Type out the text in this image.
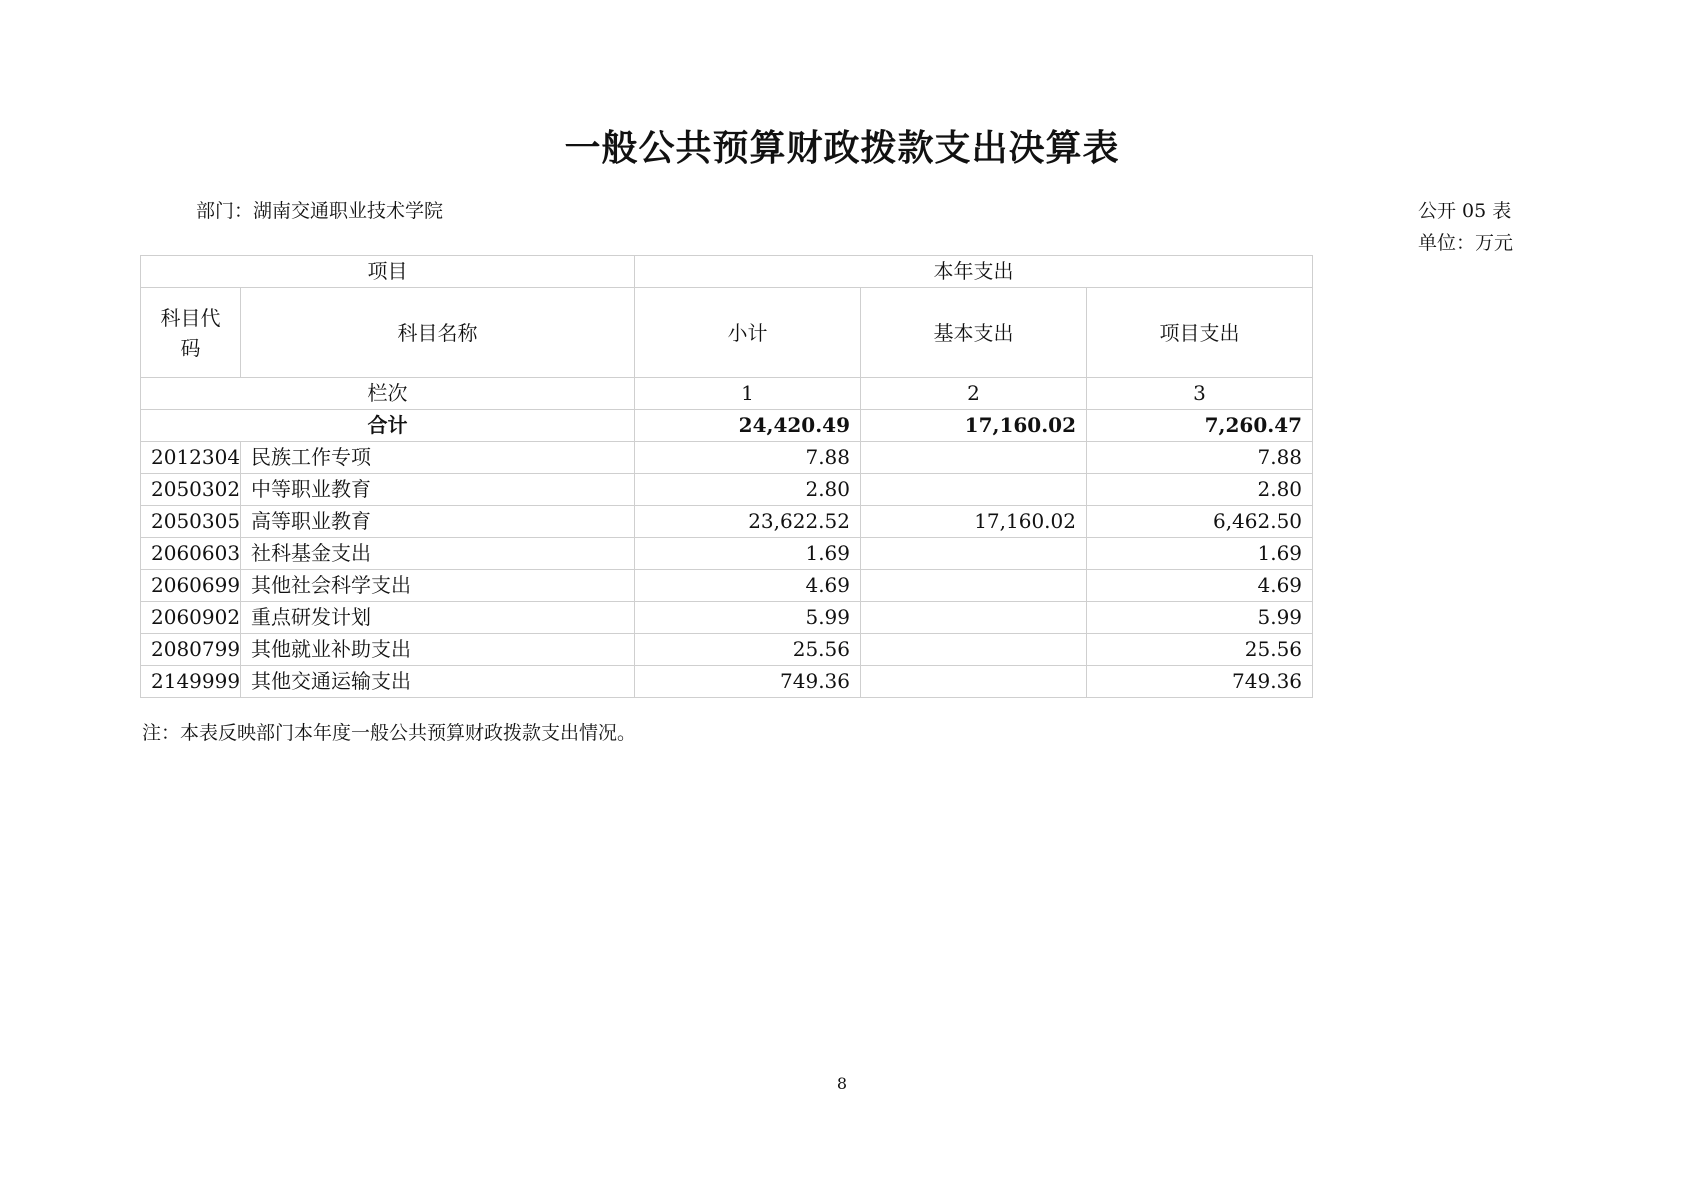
一般公共预算财政拨款支出决算表
部门：湖南交通职业技术学院	公开 05 表
单位：万元
项目		本年支出		
科目代码	科目名称	小计	基本支出	项目支出
栏次		1	2	3
合计		24,420.49	17,160.02	7,260.47
2012304	民族工作专项	7.88		7.88
2050302	中等职业教育	2.80		2.80
2050305	高等职业教育	23,622.52	17,160.02	6,462.50
2060603	社科基金支出	1.69		1.69
2060699	其他社会科学支出	4.69		4.69
2060902	重点研发计划	5.99		5.99
2080799	其他就业补助支出	25.56		25.56
2149999	其他交通运输支出	749.36		749.36
注：本表反映部门本年度一般公共预算财政拨款支出情况。
8
